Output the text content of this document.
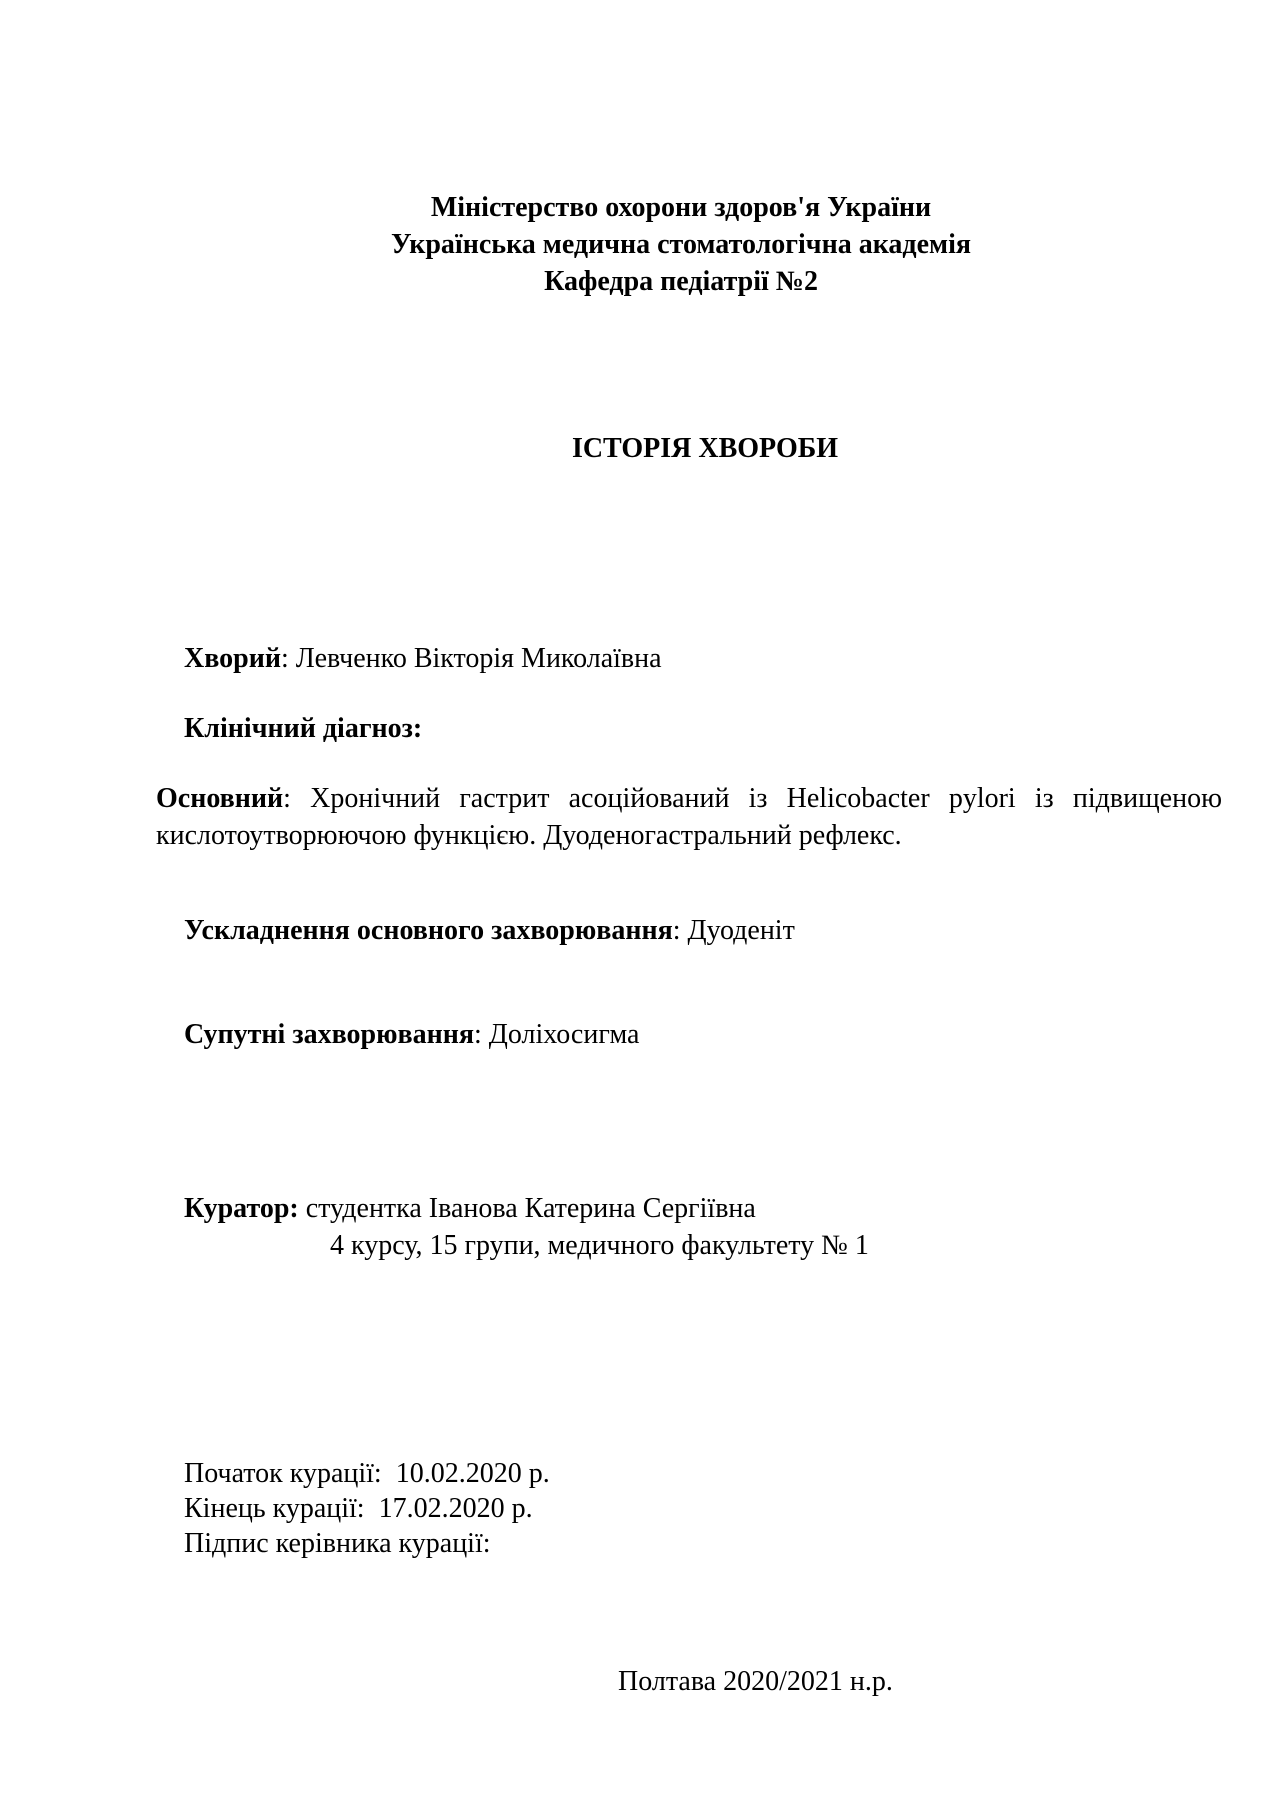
Міністерство охорони здоров'я України
Українська медична стоматологічна академія
Кафедра педіатрії №2
ІСТОРІЯ ХВОРОБИ
Хворий: Левченко Вікторія Миколаївна
Клінічний діагноз:
Основний: Хронічний гастрит асоційований із Helicobacter pylori із підвищеною
кислотоутворюючою функцією. Дуоденогастральний рефлекс.
Ускладнення основного захворювання: Дуоденіт
Супутні захворювання: Доліхосигма
Куратор: студентка Іванова Катерина Сергіївна
4 курсу, 15 групи, медичного факультету № 1
Початок курації: 10.02.2020 р.
Кінець курації: 17.02.2020 р.
Підпис керівника курації:
Полтава 2020/2021 н.р.
